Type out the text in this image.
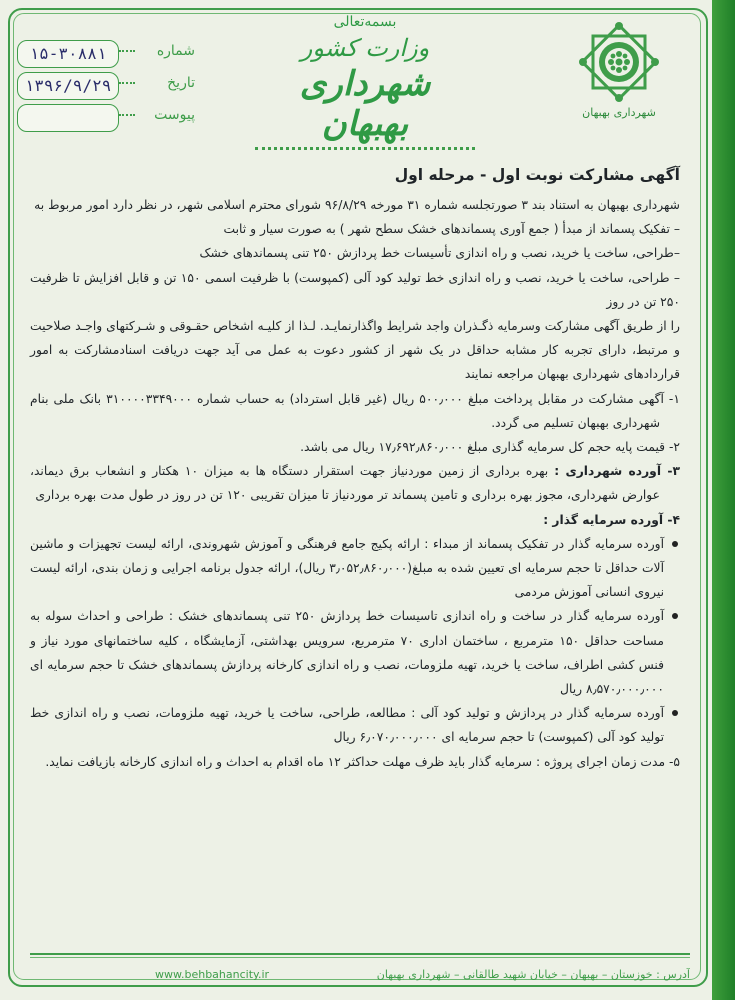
شهرداری بهبهان
بسمه‌تعالی
وزارت کشور
شهرداری بهبهان
۱۵-۳۰۸۸۱	شماره
۱۳۹۶/۹/۲۹	تاریخ
پیوست

آگهی مشارکت نوبت اول - مرحله اول

شهرداری بهبهان به استناد بند ۳ صورتجلسه شماره ۳۱ مورخه ۹۶/۸/۲۹ شورای محترم اسلامی شهر، در نظر دارد امور مربوط به

– تفکیک پسماند از مبدأ ( جمع آوری پسماندهای خشک سطح شهر ) به صورت سیار و ثابت

–طراحی، ساخت یا خرید، نصب و راه اندازی تأسیسات خط پردازش ۲۵۰ تنی پسماندهای خشک

– طراحی، ساخت یا خرید، نصب و راه اندازی خط تولید کود آلی (کمپوست) با ظرفیت اسمی ۱۵۰ تن و قابل افزایش تا ظرفیت ۲۵۰ تن در روز

را از طریق آگهی مشارکت وسرمایه ذگـذران واجد شرایط واگذارنمایـد. لـذا از کلیـه اشخاص حقـوقی و شـرکتهای واجـد صلاحیت و مرتبط، دارای تجربه کار مشابه حداقل در یک شهر از کشور دعوت به عمل می آید جهت دریافت اسنادمشارکت به امور قراردادهای شهرداری بهبهان مراجعه نمایند

۱- آگهی مشارکت در مقابل پرداخت مبلغ ۵۰۰٫۰۰۰ ریال (غیر قابل استرداد) به حساب شماره ۳۱۰۰۰۰۳۳۴۹۰۰۰ بانک ملی بنام شهرداری بهبهان تسلیم می گردد.

۲- قیمت پایه حجم کل سرمایه گذاری مبلغ ۱۷٫۶۹۲٫۸۶۰٫۰۰۰ ریال می باشد.

۳- آورده شهرداری : بهره برداری از زمین موردنیاز جهت استقرار دستگاه ها به میزان ۱۰ هکتار و انشعاب برق دیماند، عوارض شهرداری، مجوز بهره برداری و تامین پسماند تر موردنیاز تا میزان تقریبی ۱۲۰ تن در روز در طول مدت بهره برداری

۴- آورده سرمایه گذار :

آورده سرمایه گذار در تفکیک پسماند از مبداء : ارائه پکیج جامع فرهنگی و آموزش شهروندی، ارائه لیست تجهیزات و ماشین آلات حداقل تا حجم سرمایه ای تعیین شده به مبلغ(۳٫۰۵۲٫۸۶۰٫۰۰۰ ریال)، ارائه جدول برنامه اجرایی و زمان بندی، ارائه لیست نیروی انسانی آموزش مردمی

آورده سرمایه گذار در ساخت و راه اندازی تاسیسات خط پردازش ۲۵۰ تنی پسماندهای خشک : طراحی و احداث سوله به مساحت حداقل ۱۵۰ مترمربع ، ساختمان اداری ۷۰ مترمربع، سرویس بهداشتی، آزمایشگاه ، کلیه ساختمانهای مورد نیاز و فنس کشی اطراف، ساخت یا خرید، تهیه ملزومات، نصب و راه اندازی کارخانه پردازش پسماندهای خشک تا حجم سرمایه ای ۸٫۵۷۰٫۰۰۰٫۰۰۰ ریال

آورده سرمایه گذار در پردازش و تولید کود آلی : مطالعه، طراحی، ساخت یا خرید، تهیه ملزومات، نصب و راه اندازی خط تولید کود آلی (کمپوست) تا حجم سرمایه ای ۶٫۰۷۰٫۰۰۰٫۰۰۰ ریال

۵- مدت زمان اجرای پروژه : سرمایه گذار باید ظرف مهلت حداکثر ۱۲ ماه اقدام به احداث و راه اندازی کارخانه بازیافت نماید.

www.behbahancity.ir	آدرس : خوزستان – بهبهان – خیابان شهید طالقانی – شهرداری بهبهان
